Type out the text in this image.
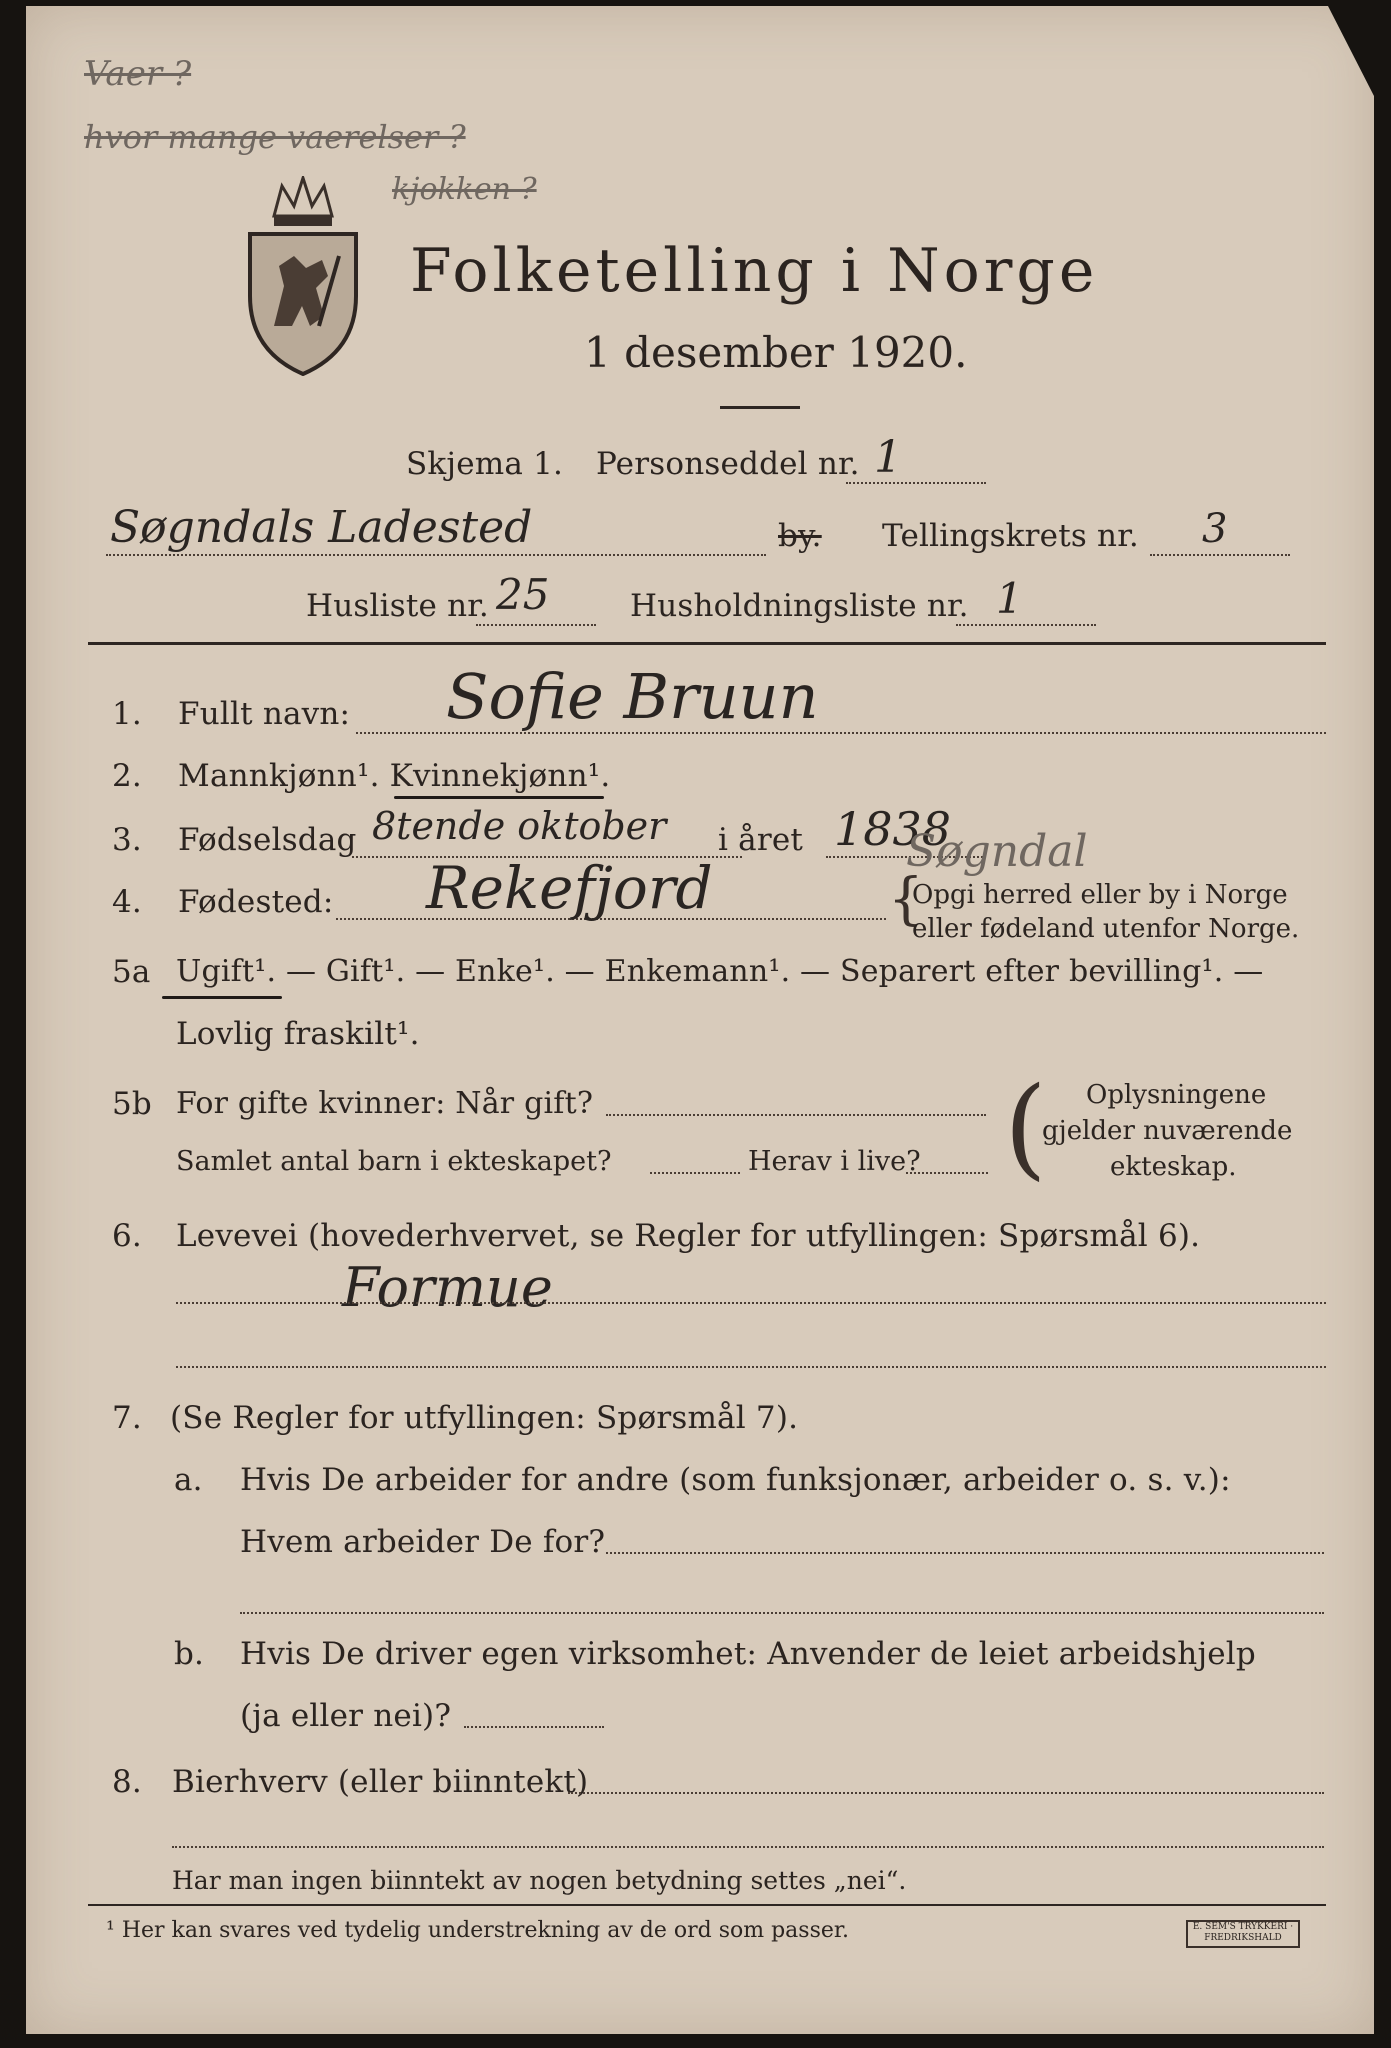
Vaer ?
hvor mange vaerelser ?
kjokken ?
Folketelling i Norge
1 desember 1920.
Skjema 1. Personseddel nr. 1
Søgndals Ladested	by. Tellingskrets nr. 3
Husliste nr. 25	Husholdningsliste nr. 1
1. Fullt navn: Sofie Bruun
2. Mannkjønn¹. Kvinnekjønn¹.
3. Fødselsdag 8tende oktober i året 1838
4. Fødested: Rekefjord
Søgndal
{
Opgi herred eller by i Norge
eller fødeland utenfor Norge.
5a Ugift¹. — Gift¹. — Enke¹. — Enkemann¹. — Separert efter bevilling¹. —
Lovlig fraskilt¹.
5b For gifte kvinner: Når gift?
Samlet antal barn i ekteskapet?	Herav i live? ( Oplysningene
gjelder nuværende
ekteskap.
6. Levevei (hovederhvervet, se Regler for utfyllingen: Spørsmål 6).
Formue
7. (Se Regler for utfyllingen: Spørsmål 7).
a. Hvis De arbeider for andre (som funksjonær, arbeider o. s. v.):
Hvem arbeider De for?
b. Hvis De driver egen virksomhet: Anvender de leiet arbeidshjelp
(ja eller nei)?
8. Bierhverv (eller biinntekt)
Har man ingen biinntekt av nogen betydning settes „nei“.
¹ Her kan svares ved tydelig understrekning av de ord som passer.	E. SEM'S TRYKKERI · FREDRIKSHALD
